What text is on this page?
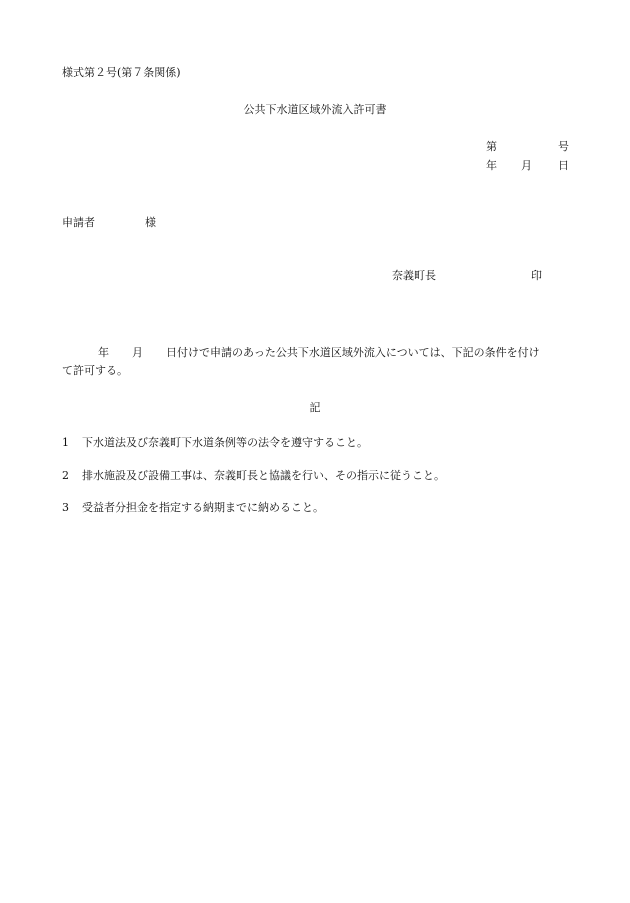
様式第２号(第７条関係)
公共下水道区域外流入許可書
第	号
年 月 日
申請者	様
奈義町長	印
年 月 日付けで申請のあった公共下水道区域外流入については、下記の条件を付け
て許可する。
記
1 下水道法及び奈義町下水道条例等の法令を遵守すること。
2 排水施設及び設備工事は、奈義町長と協議を行い、その指示に従うこと。
3 受益者分担金を指定する納期までに納めること。
